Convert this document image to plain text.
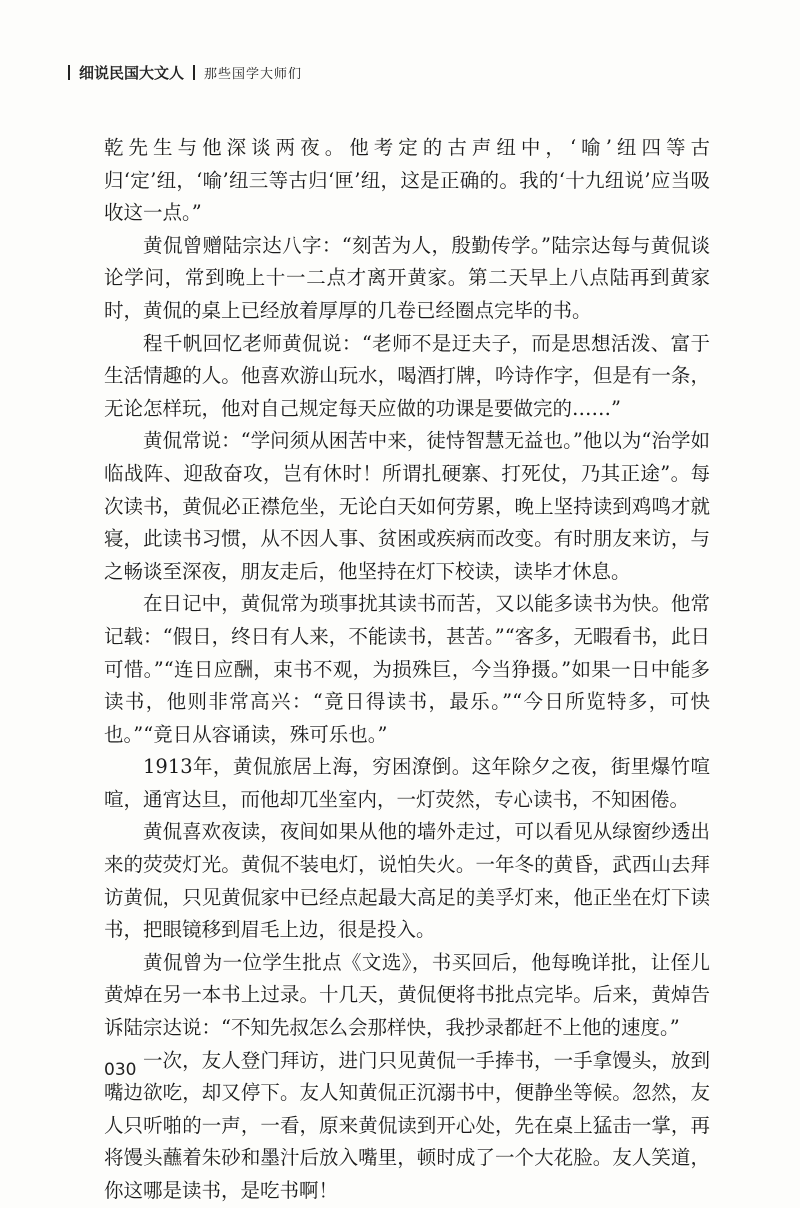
细说民国大文人 那些国学大师们

乾先生与他深谈两夜。他考定的古声纽中，‘喻’纽四等古归‘定’纽，‘喻’纽三等古归‘匣’纽，这是正确的。我的‘十九纽说’应当吸收这一点。”

黄侃曾赠陆宗达八字：“刻苦为人，殷勤传学。”陆宗达每与黄侃谈论学问，常到晚上十一二点才离开黄家。第二天早上八点陆再到黄家时，黄侃的桌上已经放着厚厚的几卷已经圈点完毕的书。

程千帆回忆老师黄侃说：“老师不是迂夫子，而是思想活泼、富于生活情趣的人。他喜欢游山玩水，喝酒打牌，吟诗作字，但是有一条，无论怎样玩，他对自己规定每天应做的功课是要做完的……”

黄侃常说：“学问须从困苦中来，徒恃智慧无益也。”他以为“治学如临战阵、迎敌奋攻，岂有休时！所谓扎硬寨、打死仗，乃其正途”。每次读书，黄侃必正襟危坐，无论白天如何劳累，晚上坚持读到鸡鸣才就寝，此读书习惯，从不因人事、贫困或疾病而改变。有时朋友来访，与之畅谈至深夜，朋友走后，他坚持在灯下校读，读毕才休息。

在日记中，黄侃常为琐事扰其读书而苦，又以能多读书为快。他常记载：“假日，终日有人来，不能读书，甚苦。”“客多，无暇看书，此日可惜。”“连日应酬，束书不观，为损殊巨，今当狰摄。”如果一日中能多读书，他则非常高兴：“竟日得读书，最乐。”“今日所览特多，可快也。”“竟日从容诵读，殊可乐也。”

1913年，黄侃旅居上海，穷困潦倒。这年除夕之夜，街里爆竹喧喧，通宵达旦，而他却兀坐室内，一灯荧然，专心读书，不知困倦。

黄侃喜欢夜读，夜间如果从他的墙外走过，可以看见从绿窗纱透出来的荧荧灯光。黄侃不装电灯，说怕失火。一年冬的黄昏，武西山去拜访黄侃，只见黄侃家中已经点起最大高足的美孚灯来，他正坐在灯下读书，把眼镜移到眉毛上边，很是投入。

黄侃曾为一位学生批点《文选》，书买回后，他每晚详批，让侄儿黄焯在另一本书上过录。十几天，黄侃便将书批点完毕。后来，黄焯告诉陆宗达说：“不知先叔怎么会那样快，我抄录都赶不上他的速度。”

一次，友人登门拜访，进门只见黄侃一手捧书，一手拿馒头，放到嘴边欲吃，却又停下。友人知黄侃正沉溺书中，便静坐等候。忽然，友人只听啪的一声，一看，原来黄侃读到开心处，先在桌上猛击一掌，再将馒头蘸着朱砂和墨汁后放入嘴里，顿时成了一个大花脸。友人笑道，你这哪是读书，是吃书啊！

030
